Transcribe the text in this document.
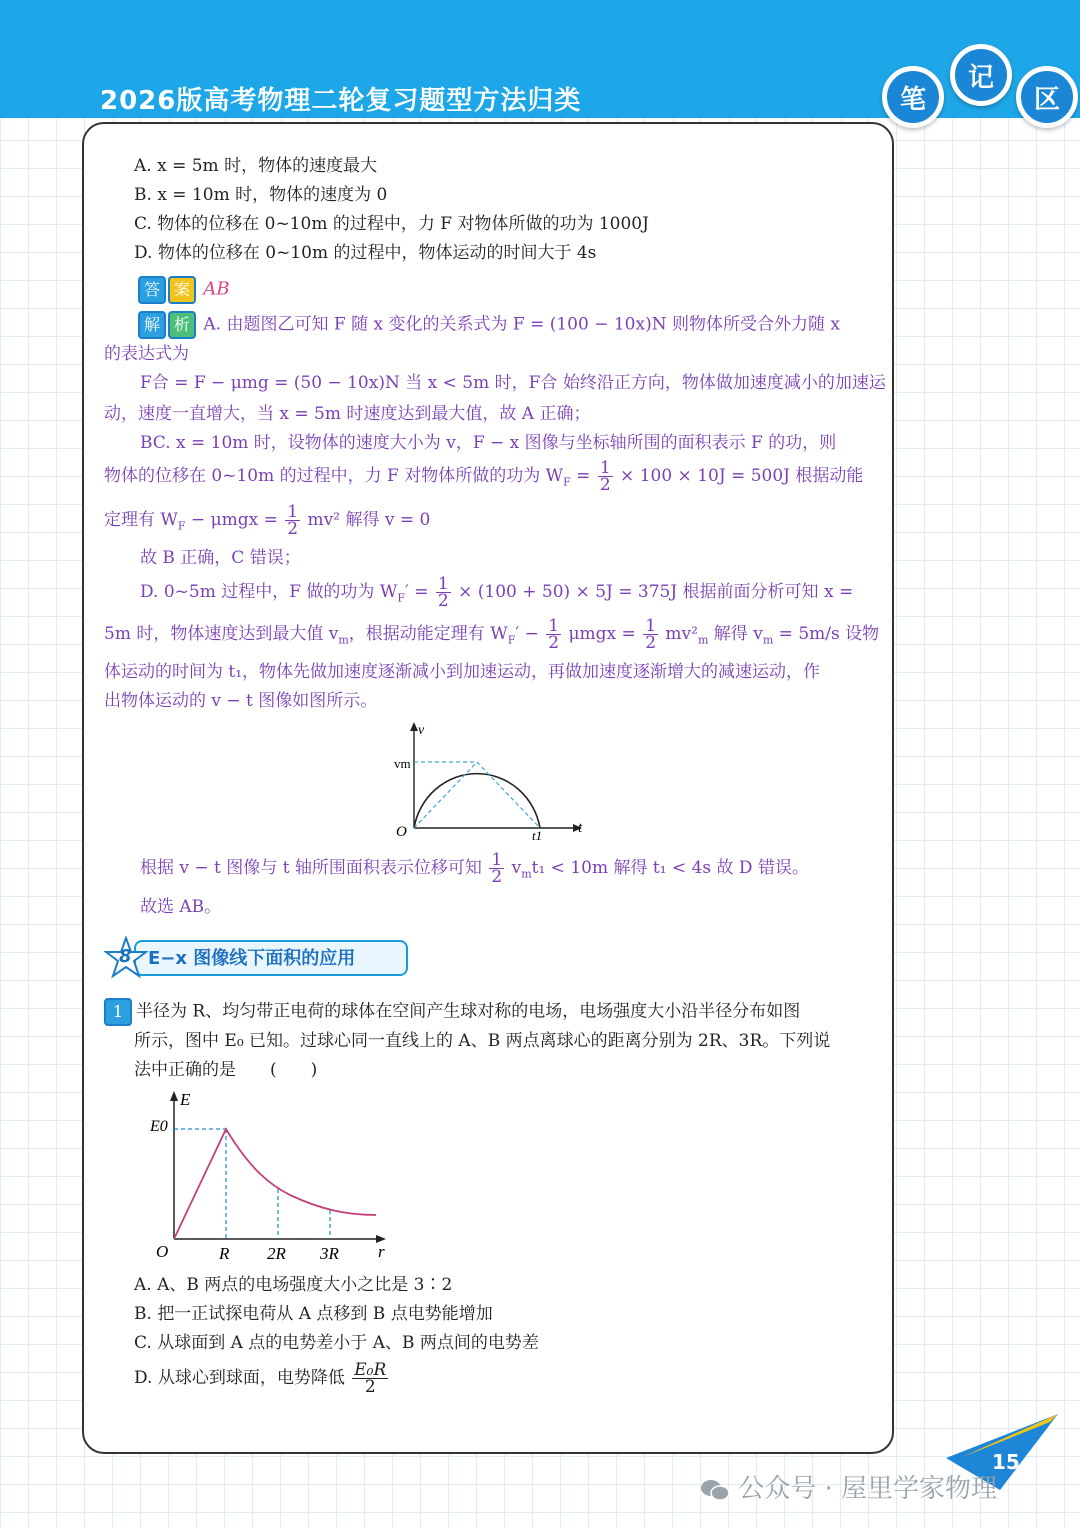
2026版高考物理二轮复习题型方法归类	笔
记
区
A. x = 5m 时，物体的速度最大
B. x = 10m 时，物体的速度为 0
C. 物体的位移在 0~10m 的过程中，力 F 对物体所做的功为 1000J
D. 物体的位移在 0~10m 的过程中，物体运动的时间大于 4s
答 案 AB
解 析 A. 由题图乙可知 F 随 x 变化的关系式为 F = (100 − 10x)N 则物体所受合外力随 x
的表达式为
F合 = F − μmg = (50 − 10x)N 当 x < 5m 时，F合 始终沿正方向，物体做加速度减小的加速运
动，速度一直增大，当 x = 5m 时速度达到最大值，故 A 正确；
BC. x = 10m 时，设物体的速度大小为 v，F − x 图像与坐标轴所围的面积表示 F 的功，则
物体的位移在 0~10m 的过程中，力 F 对物体所做的功为 $W_F = \frac{1}{2} \times 100 \times 10J = 500J$ 根据动能
定理有 $W_F - \mu mgx = \frac{1}{2} mv^2$ 解得 v = 0
故 B 正确，C 错误；
D. 0~5m 过程中，F 做的功为 $W_F' = \frac{1}{2} \times (100 + 50) \times 5J = 375J$ 根据前面分析可知 x =
5m 时，物体速度达到最大值 $v_m$，根据动能定理有 $W_F' - \frac{1}{2}$ $\mu mgx = \frac{1}{2} mv^2_m$ 解得 $v_m = 5m/s$ 设物
体运动的时间为 t₁，物体先做加速度逐渐减小到加速运动，再做加速度逐渐增大的减速运动，作
出物体运动的 v − t 图像如图所示。
v
vm
O	t1 t
根据 v − t 图像与 t 轴所围面积表示位移可知 $\frac{1}{2} v_mt_1 < 10m$ 解得 t₁ < 4s 故 D 错误。
故选 AB。
8 E−x 图像线下面积的应用
1 半径为 R、均匀带正电荷的球体在空间产生球对称的电场，电场强度大小沿半径分布如图
所示，图中 E₀ 已知。过球心同一直线上的 A、B 两点离球心的距离分别为 2R、3R。下列说
法中正确的是　　(　　)
E
E0
O	R 2R 3R r
A. A、B 两点的电场强度大小之比是 3∶2
B. 把一正试探电荷从 A 点移到 B 点电势能增加
C. 从球面到 A 点的电势差小于 A、B 两点间的电势差
D. 从球心到球面，电势降低 $\frac{\text{E₀R}}{2}$
15
公众号 · 屋里学家物理
